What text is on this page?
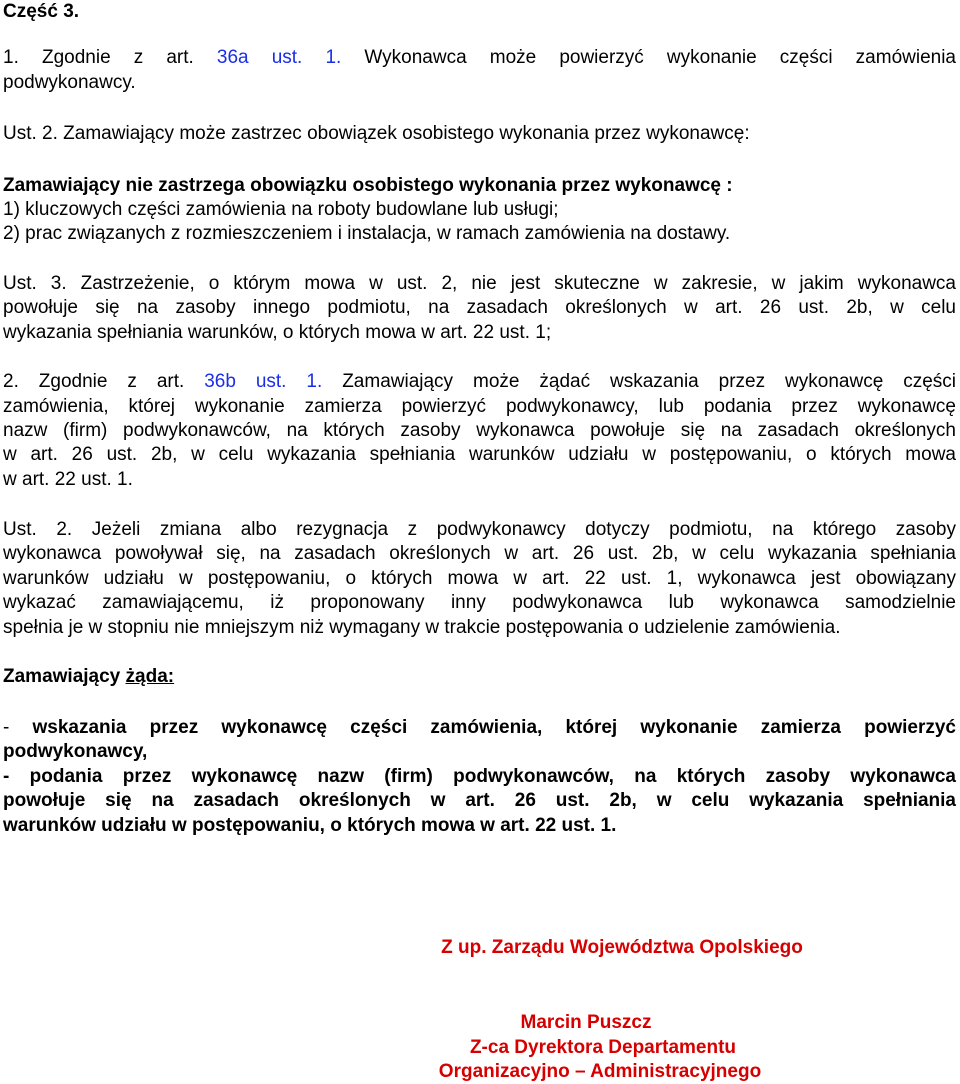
Część 3.
1. Zgodnie z art. 36a ust. 1. Wykonawca może powierzyć wykonanie części zamówienia
podwykonawcy.
Ust. 2. Zamawiający może zastrzec obowiązek osobistego wykonania przez wykonawcę:
Zamawiający nie zastrzega obowiązku osobistego wykonania przez wykonawcę :
1) kluczowych części zamówienia na roboty budowlane lub usługi;
2) prac związanych z rozmieszczeniem i instalacja, w ramach zamówienia na dostawy.
Ust. 3. Zastrzeżenie, o którym mowa w ust. 2, nie jest skuteczne w zakresie, w jakim wykonawca
powołuje się na zasoby innego podmiotu, na zasadach określonych w art. 26 ust. 2b, w celu
wykazania spełniania warunków, o których mowa w art. 22 ust. 1;
2. Zgodnie z art. 36b ust. 1. Zamawiający może żądać wskazania przez wykonawcę części
zamówienia, której wykonanie zamierza powierzyć podwykonawcy, lub podania przez wykonawcę
nazw (firm) podwykonawców, na których zasoby wykonawca powołuje się na zasadach określonych
w art. 26 ust. 2b, w celu wykazania spełniania warunków udziału w postępowaniu, o których mowa
w art. 22 ust. 1.
Ust. 2. Jeżeli zmiana albo rezygnacja z podwykonawcy dotyczy podmiotu, na którego zasoby
wykonawca powoływał się, na zasadach określonych w art. 26 ust. 2b, w celu wykazania spełniania
warunków udziału w postępowaniu, o których mowa w art. 22 ust. 1, wykonawca jest obowiązany
wykazać zamawiającemu, iż proponowany inny podwykonawca lub wykonawca samodzielnie
spełnia je w stopniu nie mniejszym niż wymagany w trakcie postępowania o udzielenie zamówienia.
Zamawiający żąda:
- wskazania przez wykonawcę części zamówienia, której wykonanie zamierza powierzyć
podwykonawcy,
- podania przez wykonawcę nazw (firm) podwykonawców, na których zasoby wykonawca
powołuje się na zasadach określonych w art. 26 ust. 2b, w celu wykazania spełniania
warunków udziału w postępowaniu, o których mowa w art. 22 ust. 1.
Z up. Zarządu Województwa Opolskiego
Marcin Puszcz
Z-ca Dyrektora Departamentu
Organizacyjno – Administracyjnego
